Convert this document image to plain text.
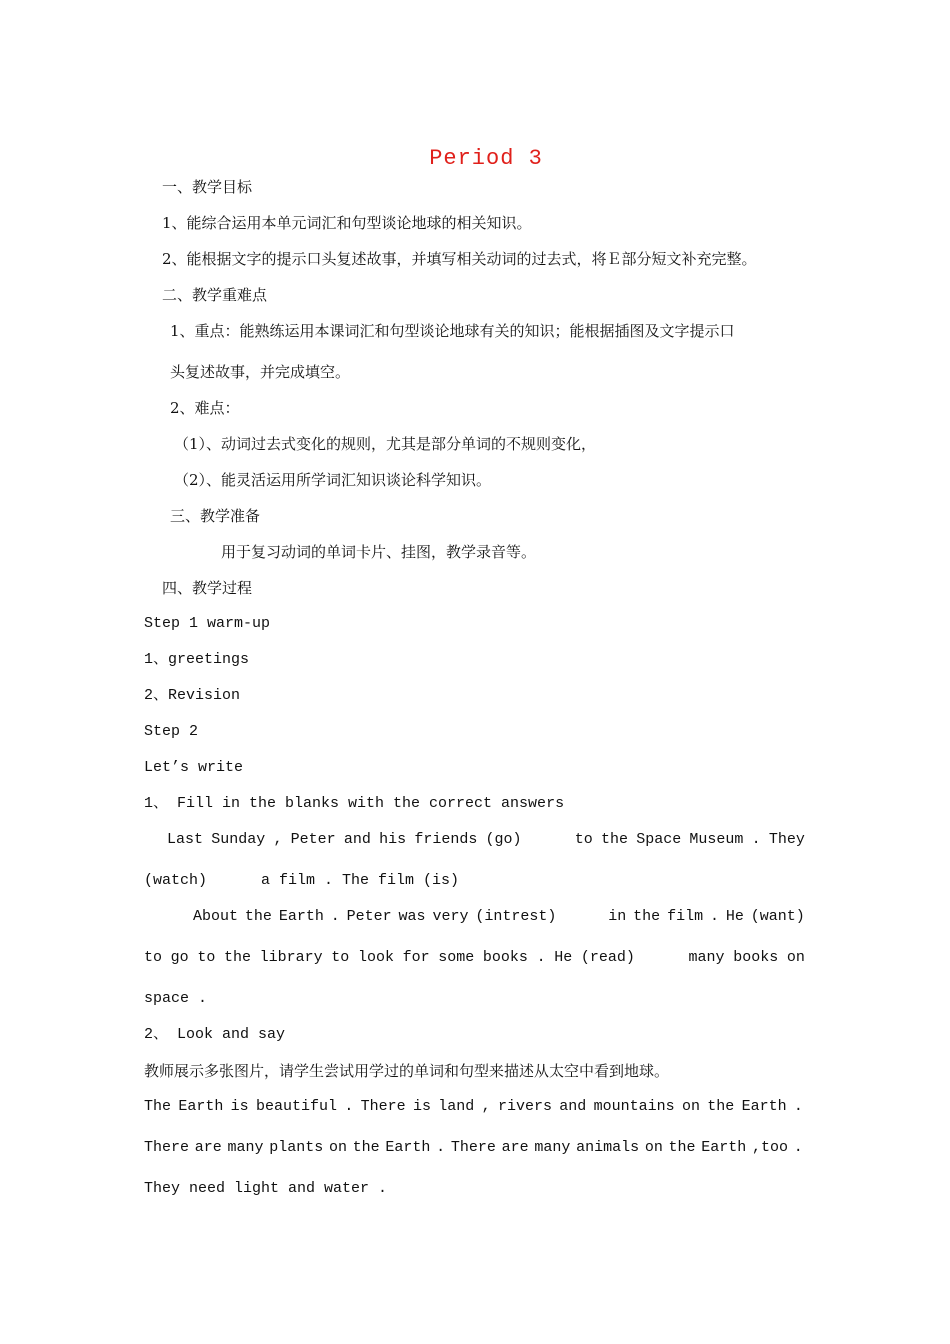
Period 3
一、教学目标
1、能综合运用本单元词汇和句型谈论地球的相关知识。
2、能根据文字的提示口头复述故事，并填写相关动词的过去式，将Ｅ部分短文补充完整。
二、教学重难点
1、重点：能熟练运用本课词汇和句型谈论地球有关的知识；能根据插图及文字提示口
头复述故事，并完成填空。
2、难点：
（1）、动词过去式变化的规则，尤其是部分单词的不规则变化，
（2）、能灵活运用所学词汇知识谈论科学知识。
三、教学准备
用于复习动词的单词卡片、挂图，教学录音等。
四、教学过程
Step 1 warm-up
1、greetings
2、Revision
Step 2
Let’s write
1、 Fill in the blanks with the correct answers
Last Sunday , Peter and his friends (go) to the Space Museum . They
(watch)      a film . The film (is)
About the Earth . Peter was very (intrest) in the film . He (want)
to go to the library to look for some books . He (read) many books on
space .
2、 Look and say
教师展示多张图片，请学生尝试用学过的单词和句型来描述从太空中看到地球。
The Earth is beautiful . There is land , rivers and mountains on the Earth .
There are many plants on the Earth . There are many animals on the Earth ,too .
They need light and water .
